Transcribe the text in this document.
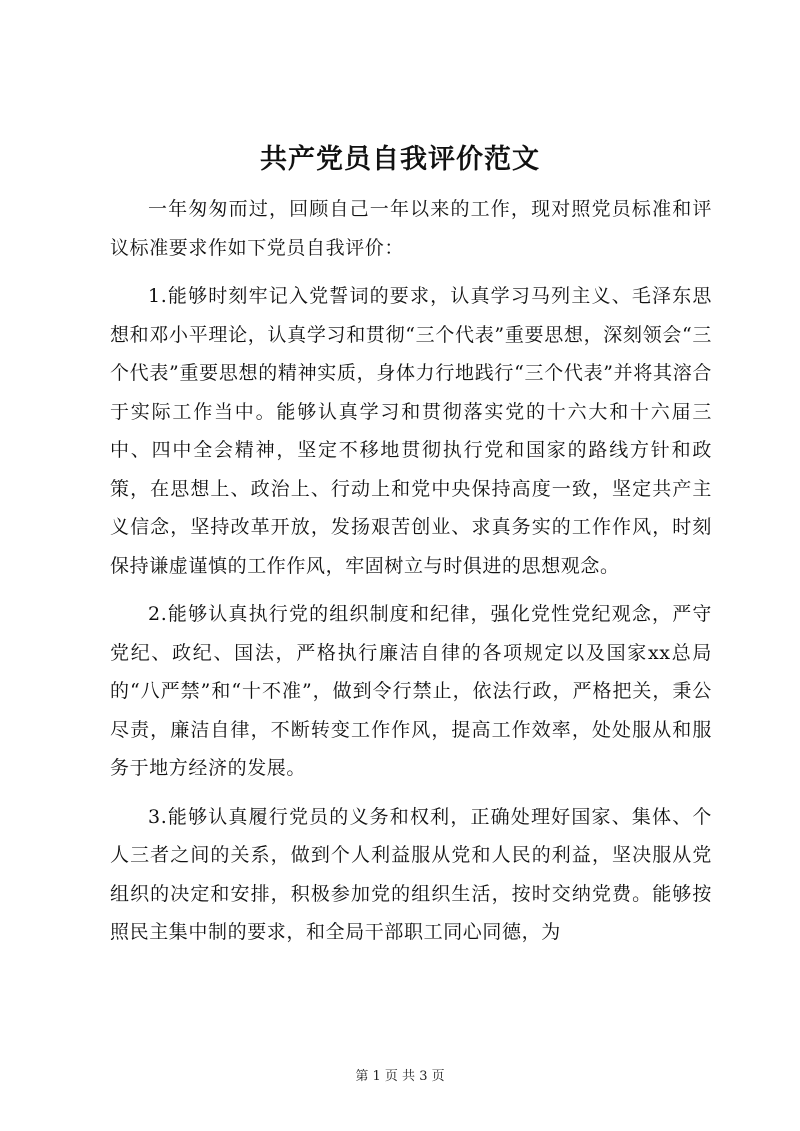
共产党员自我评价范文

一年匆匆而过，回顾自己一年以来的工作，现对照党员标准和评议标准要求作如下党员自我评价：

1.能够时刻牢记入党誓词的要求，认真学习马列主义、毛泽东思想和邓小平理论，认真学习和贯彻“三个代表”重要思想，深刻领会“三个代表”重要思想的精神实质，身体力行地践行“三个代表”并将其溶合于实际工作当中。能够认真学习和贯彻落实党的十六大和十六届三中、四中全会精神，坚定不移地贯彻执行党和国家的路线方针和政策，在思想上、政治上、行动上和党中央保持高度一致，坚定共产主义信念，坚持改革开放，发扬艰苦创业、求真务实的工作作风，时刻保持谦虚谨慎的工作作风，牢固树立与时俱进的思想观念。

2.能够认真执行党的组织制度和纪律，强化党性党纪观念，严守党纪、政纪、国法，严格执行廉洁自律的各项规定以及国家xx总局的“八严禁”和“十不准”，做到令行禁止，依法行政，严格把关，秉公尽责，廉洁自律，不断转变工作作风，提高工作效率，处处服从和服务于地方经济的发展。

3.能够认真履行党员的义务和权利，正确处理好国家、集体、个人三者之间的关系，做到个人利益服从党和人民的利益，坚决服从党组织的决定和安排，积极参加党的组织生活，按时交纳党费。能够按照民主集中制的要求，和全局干部职工同心同德，为

第 1 页 共 3 页
